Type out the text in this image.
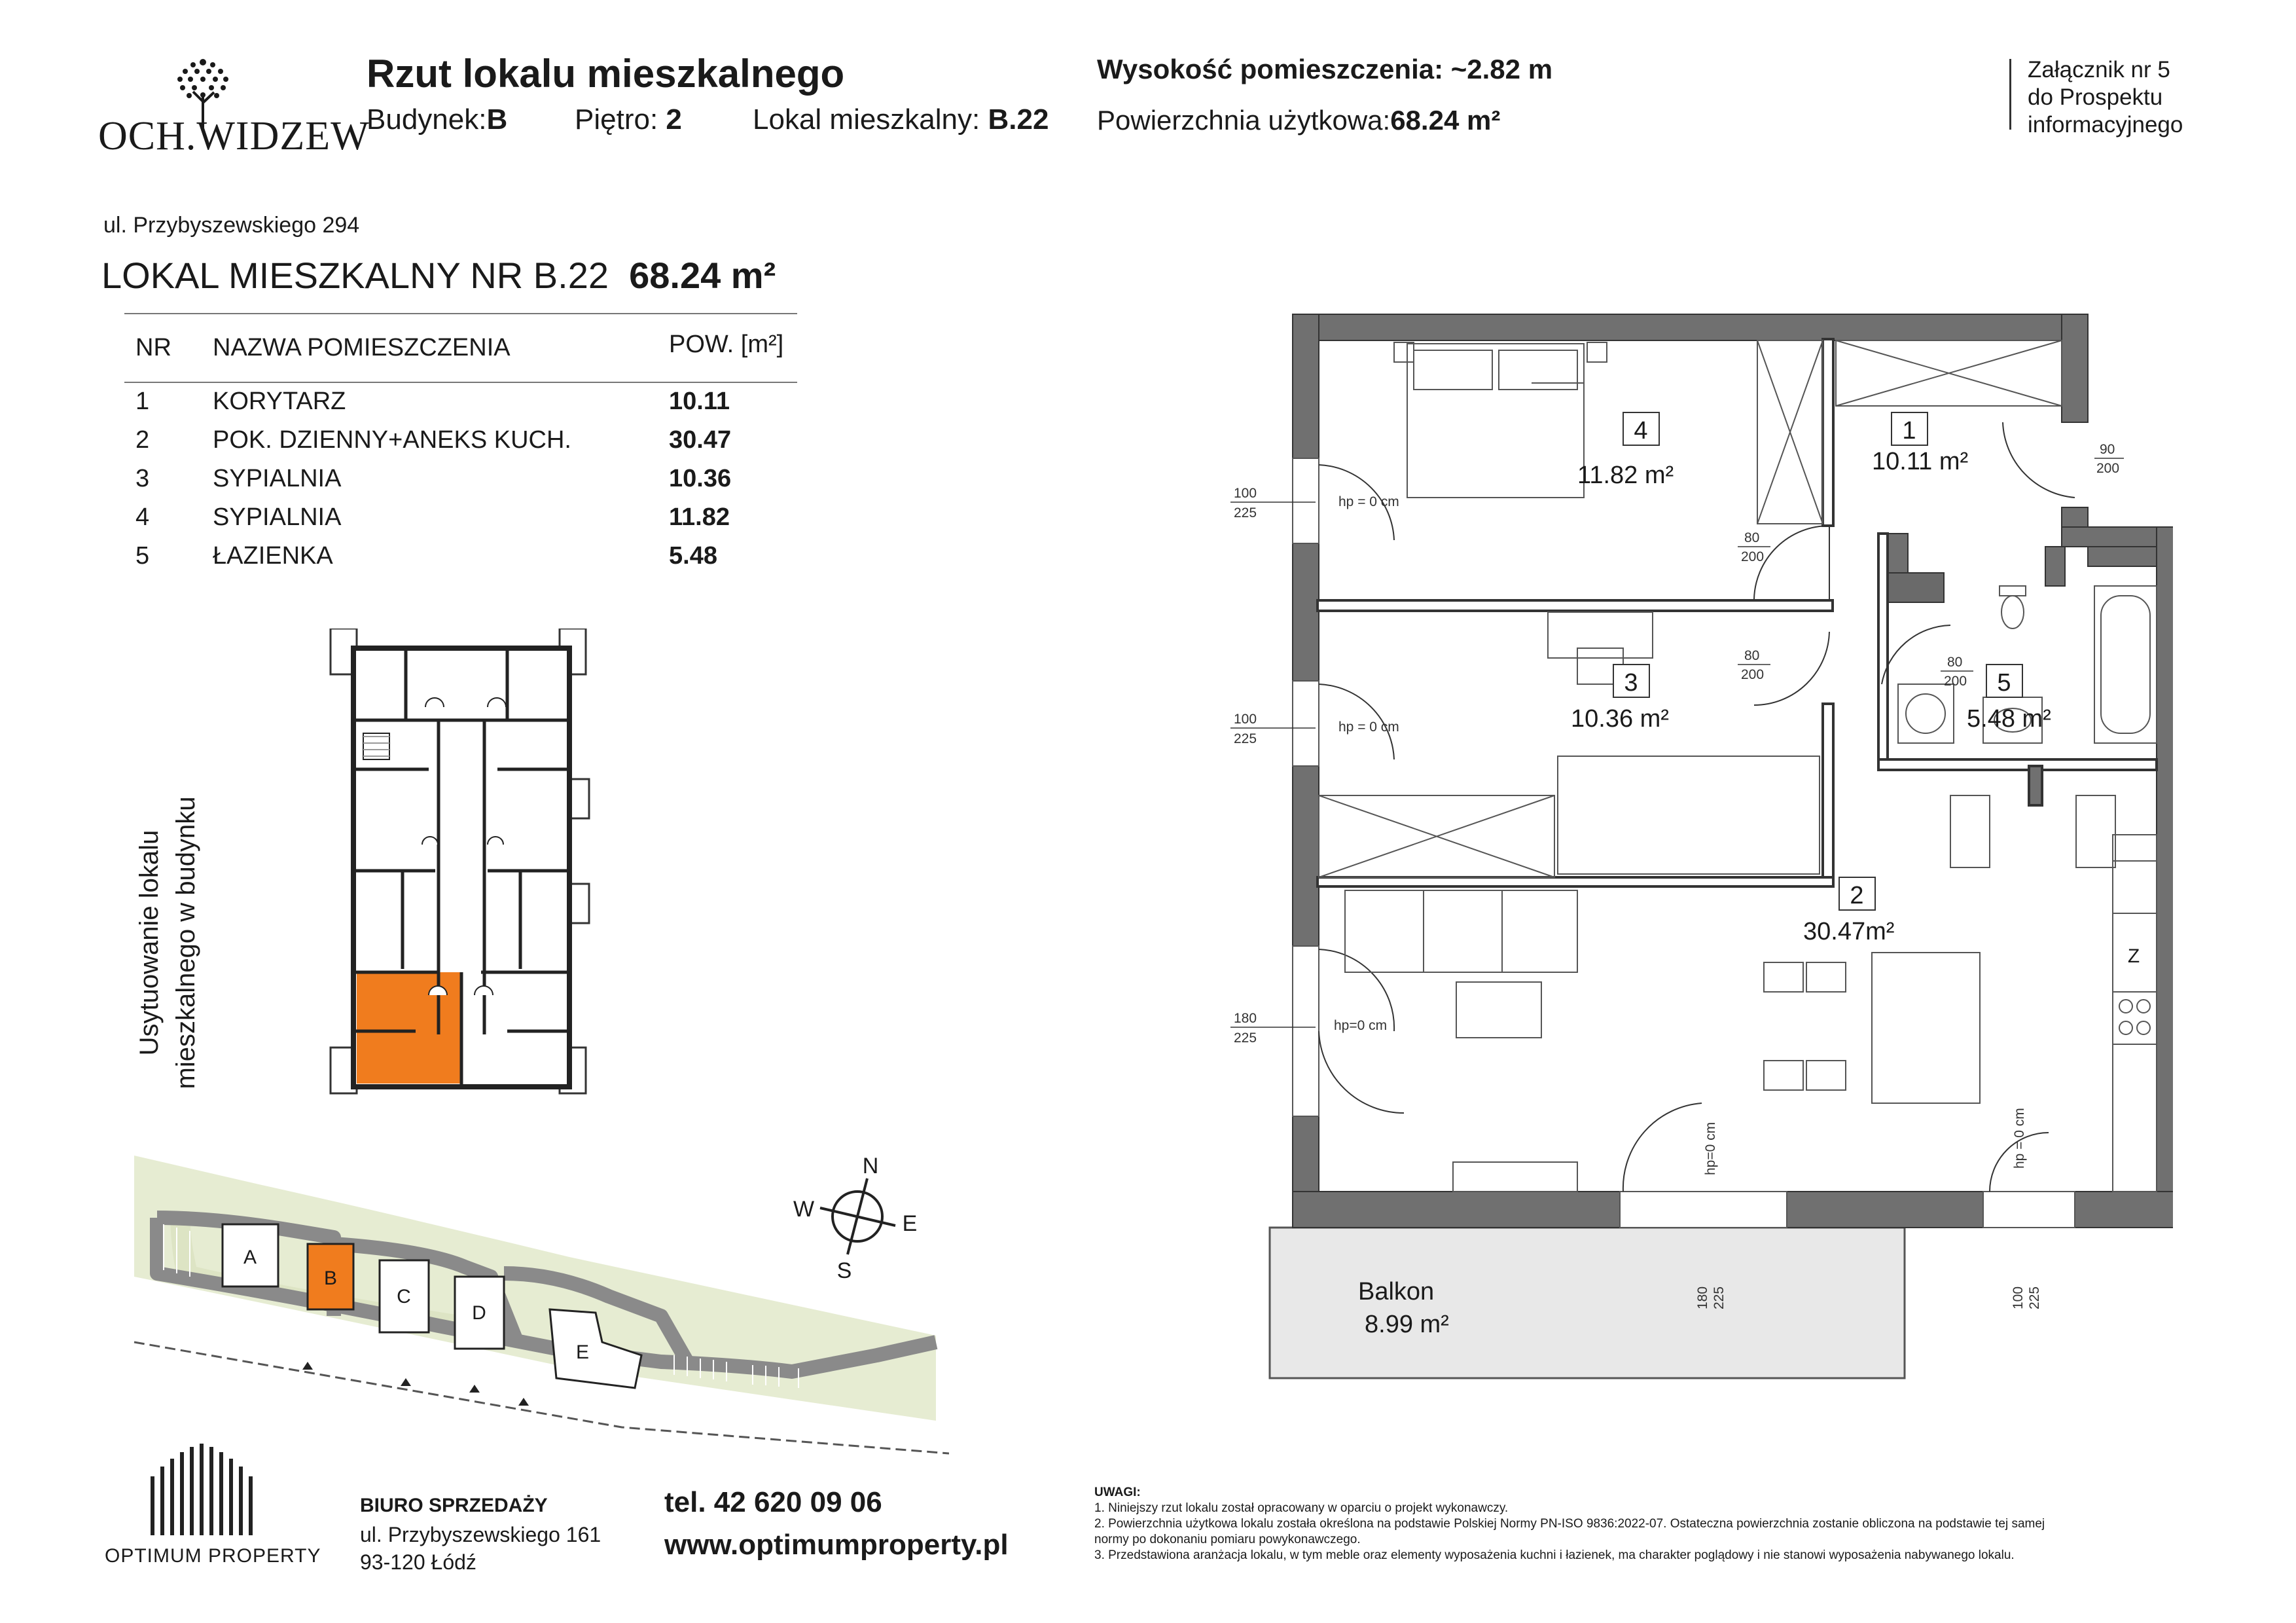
OCH.WIDZEW
Rzut lokalu mieszkalnego
Budynek:B Piętro: 2 Lokal mieszkalny: B.22
Wysokość pomieszczenia: ~2.82 m
Powierzchnia użytkowa:68.24 m²
Załącznik nr 5
do Prospektu
informacyjnego
ul. Przybyszewskiego 294
LOKAL MIESZKALNY NR B.22 68.24 m²
NR NAZWA POMIESZCZENIA	POW. [m²]
1	KORYTARZ	10.11
2	POK. DZIENNY+ANEKS KUCH.	30.47
3	SYPIALNIA	10.36
4	SYPIALNIA	11.82
5	ŁAZIENKA	5.48
Usytuowanie lokalu mieszkalnego w budynku
A
B
C
D
E
N
E
S
W
4
11.82 m²
1
10.11 m²
3
10.36 m²
5
5.48 m²
2
30.47m²
Balkon
8.99 m²
Z
100
225
hp = 0 cm
100
225
hp = 0 cm
180
225
hp=0 cm
80
200
80
200
80
200
90
200
180 225
hp=0 cm
100 225
hp = 0 cm
OPTIMUM PROPERTY
BIURO SPRZEDAŻY
ul. Przybyszewskiego 161
93-120 Łódź
tel. 42 620 09 06
www.optimumproperty.pl
UWAGI:
1. Niniejszy rzut lokalu został opracowany w oparciu o projekt wykonawczy.
2. Powierzchnia użytkowa lokalu została określona na podstawie Polskiej Normy PN-ISO 9836:2022-07. Ostateczna powierzchnia zostanie obliczona na podstawie tej samej
normy po dokonaniu pomiaru powykonawczego.
3. Przedstawiona aranżacja lokalu, w tym meble oraz elementy wyposażenia kuchni i łazienek, ma charakter poglądowy i nie stanowi wyposażenia nabywanego lokalu.
